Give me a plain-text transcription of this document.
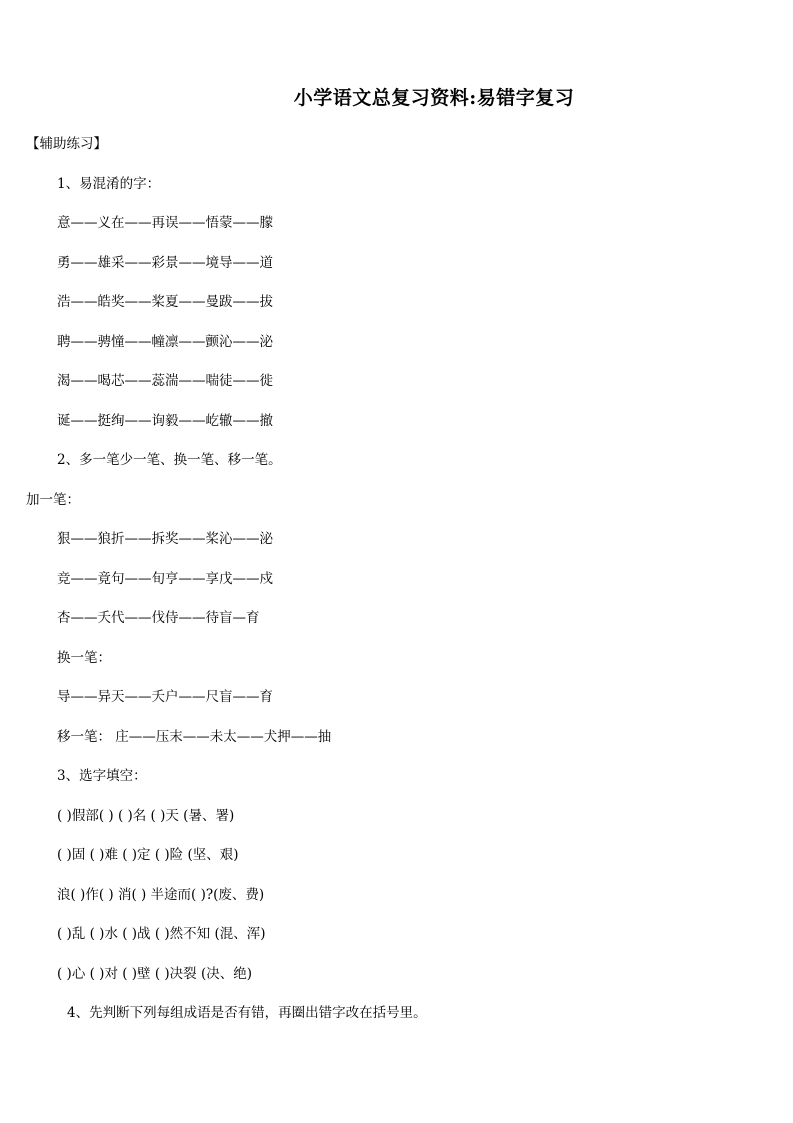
小学语文总复习资料:易错字复习
【辅助练习】
1、易混淆的字：
意——义在——再误——悟蒙——朦
勇——雄采——彩景——境导——道
浩——皓奖——桨夏——曼跋——拔
聘——骋憧——幢凛——颤沁——泌
渴——喝芯——蕊湍——喘徒——徙
诞——挺绚——询毅——屹辙——撤
2、多一笔少一笔、换一笔、移一笔。
加一笔：
狠——狼折——拆奖——桨沁——泌
竞——竟句——旬亨——享戊——戍
杏——夭代——伐侍——待盲—育
换一笔：
导——异天——夭户——尺盲——育
移一笔： 庄——压末——未太——犬押——抽
3、选字填空：
( )假部( ) ( )名 ( )天 (暑、署)
( )固 ( )难 ( )定 ( )险 (坚、艰)
浪( )作( ) 消( ) 半途而( )?(废、费)
( )乱 ( )水 ( )战 ( )然不知 (混、浑)
( )心 ( )对 ( )壁 ( )决裂 (决、绝)
4、先判断下列每组成语是否有错，再圈出错字改在括号里。
